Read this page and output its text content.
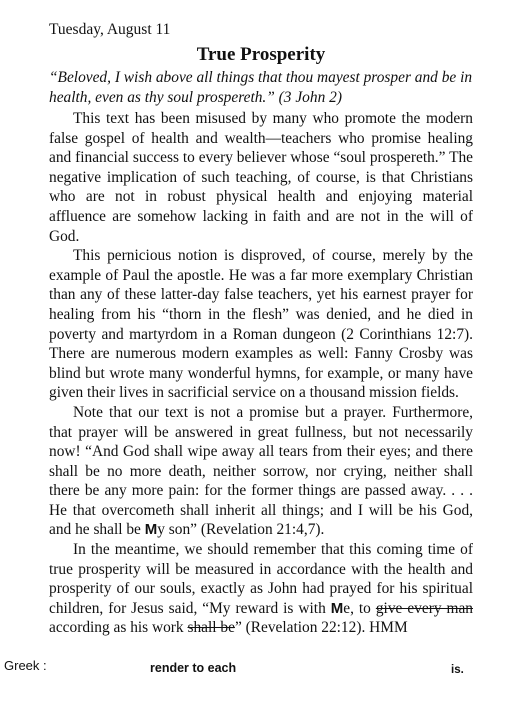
Tuesday, August 11

True Prosperity

“Beloved, I wish above all things that thou mayest prosper and be in health, even as thy soul prospereth.” (3 John 2)

This text has been misused by many who promote the modern false gospel of health and wealth—teachers who promise healing and financial success to every believer whose “soul prospereth.” The negative implication of such teaching, of course, is that Christians who are not in robust physical health and enjoying material affluence are somehow lacking in faith and are not in the will of God.

This pernicious notion is disproved, of course, merely by the example of Paul the apostle. He was a far more exemplary Christian than any of these latter-day false teachers, yet his earnest prayer for healing from his “thorn in the flesh” was denied, and he died in poverty and martyrdom in a Roman dungeon (2 Corinthians 12:7). There are numerous modern examples as well: Fanny Crosby was blind but wrote many wonderful hymns, for example, or many have given their lives in sacrificial service on a thousand mission fields.

Note that our text is not a promise but a prayer. Furthermore, that prayer will be answered in great fullness, but not necessarily now! “And God shall wipe away all tears from their eyes; and there shall be no more death, neither sorrow, nor crying, neither shall there be any more pain: for the former things are passed away. . . . He that overcometh shall inherit all things; and I will be his God, and he shall be My son” (Revelation 21:4,7).

In the meantime, we should remember that this coming time of true prosperity will be measured in accordance with the health and prosperity of our souls, exactly as John had prayed for his spiritual children, for Jesus said, “My reward is with Me, to give every man according as his work shall be” (Revelation 22:12). HMM

Greek :	render to each	is.
